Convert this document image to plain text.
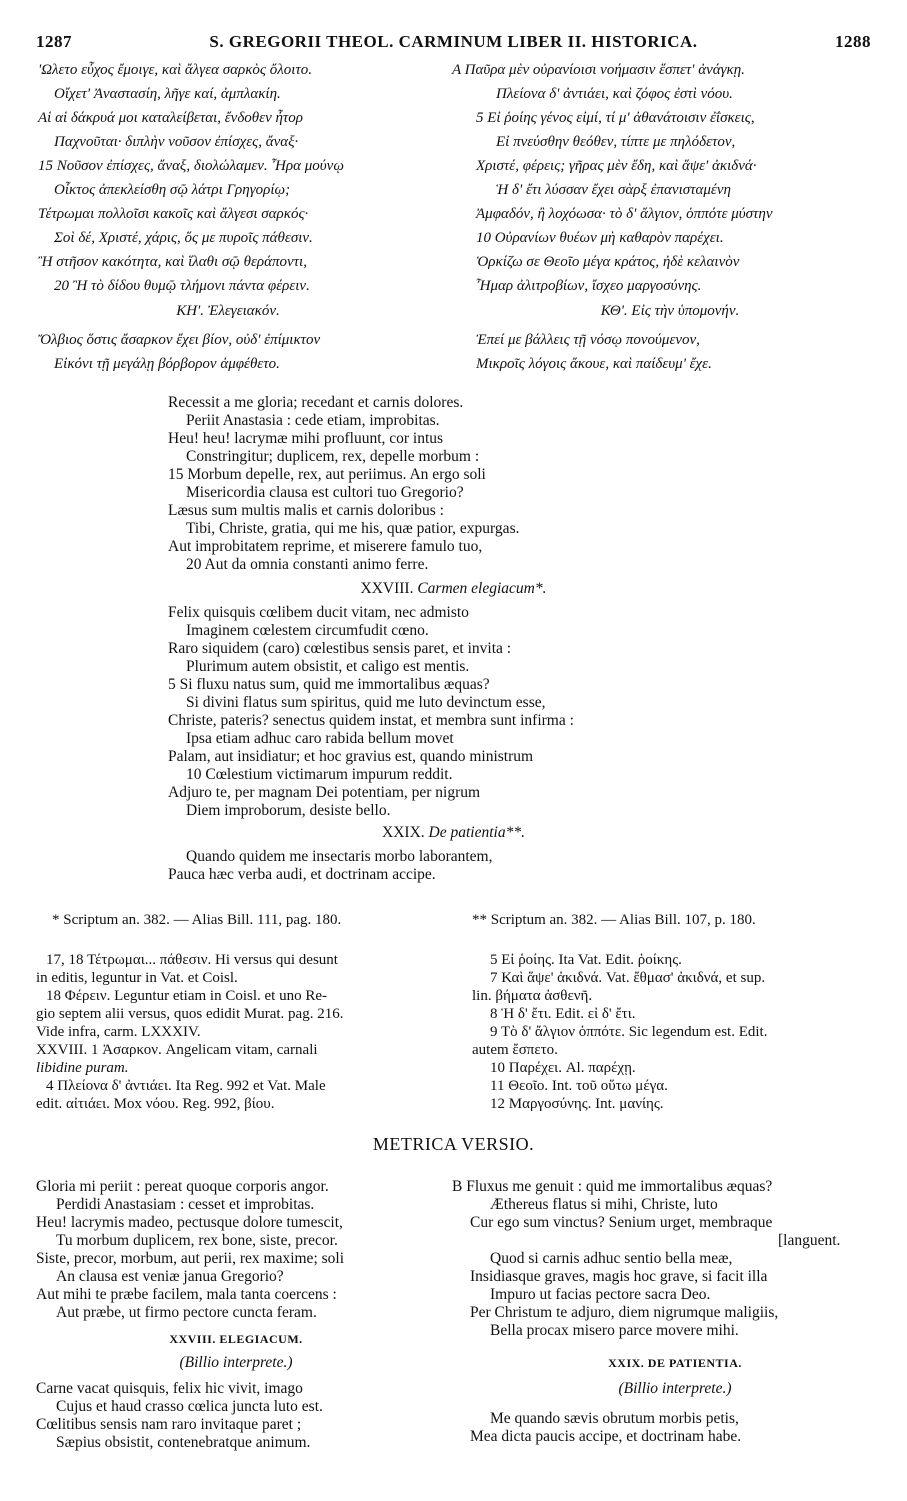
1287	S. GREGORII THEOL. CARMINUM LIBER II. HISTORICA.	1288
'Ωλετο εὖχος ἔμοιγε, καὶ ἄλγεα σαρκὸς ὄλοιτο.
Οἴχετ' Ἀναστασίη, λῆγε καί, ἀμπλακίη.
Αἱ αἱ δάκρυά μοι καταλείβεται, ἔνδοθεν ἦτορ
Παχνοῦται· διπλὴν νοῦσον ἐπίσχες, ἄναξ·
15 Νοῦσον ἐπίσχες, ἄναξ, διολώλαμεν. Ἦρα μούνῳ
Οἶκτος ἀπεκλείσθη σῷ λάτρι Γρηγορίῳ;
Τέτρωμαι πολλοῖσι κακοῖς καὶ ἄλγεσι σαρκός·
Σοὶ δέ, Χριστέ, χάρις, ὅς με πυροῖς πάθεσιν.
Ἢ στῆσον κακότητα, καὶ ἵλαθι σῷ θεράποντι,
20 Ἢ τὸ δίδου θυμῷ τλήμονι πάντα φέρειν.
ΚΗ'. Ἐλεγειακόν.
Ὄλβιος ὅστις ἄσαρκον ἔχει βίον, οὐδ' ἐπίμικτον
Εἰκόνι τῇ μεγάλῃ βόρβορον ἀμφέθετο.
A Παῦρα μὲν οὐρανίοισι νοήμασιν ἕσπετ' ἀνάγκῃ.
Πλείονα δ' ἀντιάει, καὶ ζόφος ἐστὶ νόου.
5 Εἰ ῥοίης γένος εἰμί, τί μ' ἀθανάτοισιν ἐΐσκεις,
Εἰ πνεύσθην θεόθεν, τίπτε με πηλόδετον,
Χριστέ, φέρεις; γῆρας μὲν ἔδη, καὶ ἅψε' ἀκιδνά·
Ἡ δ' ἔτι λύσσαν ἔχει σὰρξ ἐπανισταμένη
Ἀμφαδόν, ἢ λοχόωσα· τὸ δ' ἄλγιον, ὁππότε μύστην
10 Οὐρανίων θυέων μὴ καθαρὸν παρέχει.
Ὁρκίζω σε Θεοῖο μέγα κράτος, ἠδὲ κελαινὸν
Ἦμαρ ἀλιτροβίων, ἴσχεο μαργοσύνης.
ΚΘ'. Εἰς τὴν ὑπομονήν.
Ἐπεί με βάλλεις τῇ νόσῳ πονούμενον,
Μικροῖς λόγοις ἄκουε, καὶ παίδευμ' ἔχε.
Recessit a me gloria; recedant et carnis dolores.
Periit Anastasia : cede etiam, improbitas.
Heu! heu! lacrymæ mihi profluunt, cor intus
Constringitur; duplicem, rex, depelle morbum :
15 Morbum depelle, rex, aut periimus. An ergo soli
Misericordia clausa est cultori tuo Gregorio?
Læsus sum multis malis et carnis doloribus :
Tibi, Christe, gratia, qui me his, quæ patior, expurgas.
Aut improbitatem reprime, et miserere famulo tuo,
20 Aut da omnia constanti animo ferre.
XXVIII. Carmen elegiacum*.
Felix quisquis cœlibem ducit vitam, nec admisto
Imaginem cœlestem circumfudit cœno.
Raro siquidem (caro) cœlestibus sensis paret, et invita :
Plurimum autem obsistit, et caligo est mentis.
5 Si fluxu natus sum, quid me immortalibus æquas?
Si divini flatus sum spiritus, quid me luto devinctum esse,
Christe, pateris? senectus quidem instat, et membra sunt infirma :
Ipsa etiam adhuc caro rabida bellum movet
Palam, aut insidiatur; et hoc gravius est, quando ministrum
10 Cœlestium victimarum impurum reddit.
Adjuro te, per magnam Dei potentiam, per nigrum
Diem improborum, desiste bello.
XXIX. De patientia**.
Quando quidem me insectaris morbo laborantem,
Pauca hæc verba audi, et doctrinam accipe.
* Scriptum an. 382. — Alias Bill. 111, pag. 180.	** Scriptum an. 382. — Alias Bill. 107, p. 180.
17, 18 Τέτρωμαι... πάθεσιν. Hi versus qui desunt
in editis, leguntur in Vat. et Coisl.
18 Φέρειν. Leguntur etiam in Coisl. et uno Re-
gio septem alii versus, quos edidit Murat. pag. 216.
Vide infra, carm. LXXXIV.
XXVIII. 1 Ἀσαρκον. Angelicam vitam, carnali
libidine puram.
4 Πλείονα δ' ἀντιάει. Ita Reg. 992 et Vat. Male
edit. αἰτιάει. Mox νόου. Reg. 992, βίου.
5 Εἰ ῥοίης. Ita Vat. Edit. ῥοίκης.
7 Καὶ ἅψε' ἀκιδνά. Vat. ἔθμασ' ἀκιδνά, et sup.
lin. βήματα ἀσθενῆ.
8 Ἡ δ' ἔτι. Edit. εἰ δ' ἔτι.
9 Τὸ δ' ἄλγιον ὁππότε. Sic legendum est. Edit.
autem ἔσπετο.
10 Παρέχει. Al. παρέχῃ.
11 Θεοῖο. Int. τοῦ οὕτω μέγα.
12 Μαργοσύνης. Int. μανίης.
METRICA VERSIO.
Gloria mi periit : pereat quoque corporis angor.
Perdidi Anastasiam : cesset et improbitas.
Heu! lacrymis madeo, pectusque dolore tumescit,
Tu morbum duplicem, rex bone, siste, precor.
Siste, precor, morbum, aut perii, rex maxime; soli
An clausa est veniæ janua Gregorio?
Aut mihi te præbe facilem, mala tanta coercens :
Aut præbe, ut firmo pectore cuncta feram.
XXVIII. ELEGIACUM.
(Billio interprete.)
Carne vacat quisquis, felix hic vivit, imago
Cujus et haud crasso cœlica juncta luto est.
Cœlitibus sensis nam raro invitaque paret ;
Sæpius obsistit, contenebratque animum.
B Fluxus me genuit : quid me immortalibus æquas?
Æthereus flatus si mihi, Christe, luto
Cur ego sum vinctus? Senium urget, membraque
[languent.
Quod si carnis adhuc sentio bella meæ,
Insidiasque graves, magis hoc grave, si facit illa
Impuro ut facias pectore sacra Deo.
Per Christum te adjuro, diem nigrumque maligiis,
Bella procax misero parce movere mihi.
XXIX. DE PATIENTIA.
(Billio interprete.)
Me quando sævis obrutum morbis petis,
Mea dicta paucis accipe, et doctrinam habe.
